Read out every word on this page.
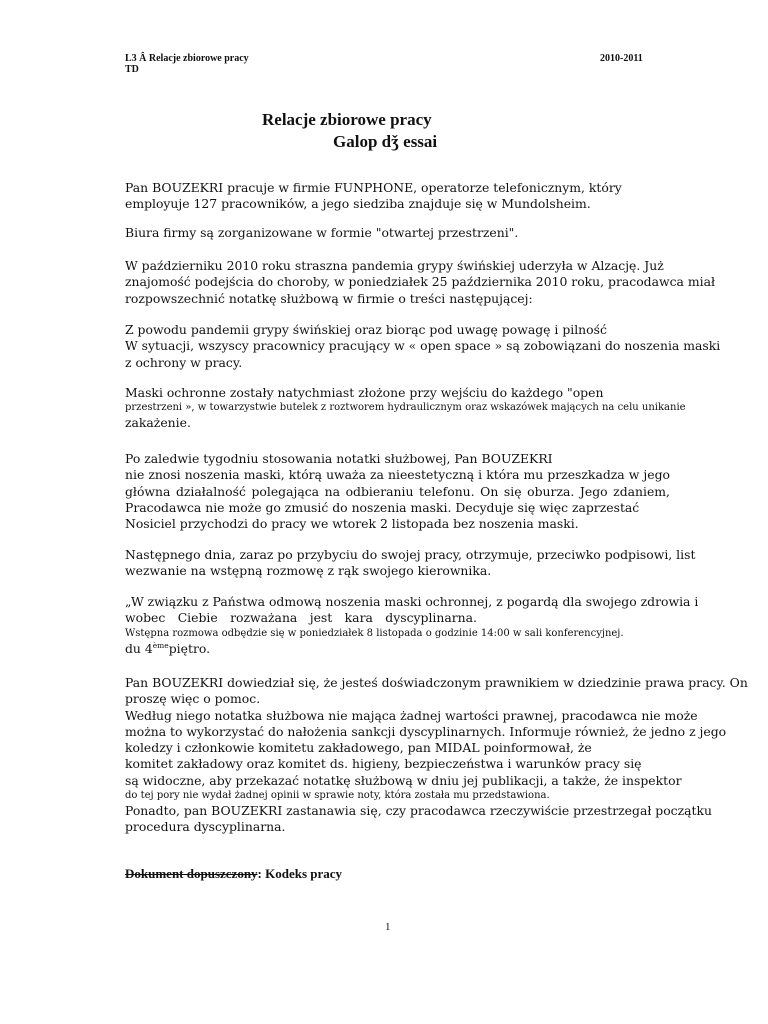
L3 Â Relacje zbiorowe pracy
TD
2010-2011
Relacje zbiorowe pracy
Galop dǯ essai
Pan BOUZEKRI pracuje w firmie FUNPHONE, operatorze telefonicznym, który
employuje 127 pracowników, a jego siedziba znajduje się w Mundolsheim.
Biura firmy są zorganizowane w formie "otwartej przestrzeni".
W październiku 2010 roku straszna pandemia grypy świńskiej uderzyła w Alzację. Już
znajomość podejścia do choroby, w poniedziałek 25 października 2010 roku, pracodawca miał
rozpowszechnić notatkę służbową w firmie o treści następującej:
Z powodu pandemii grypy świńskiej oraz biorąc pod uwagę powagę i pilność
W sytuacji, wszyscy pracownicy pracujący w « open space » są zobowiązani do noszenia maski
z ochrony w pracy.
Maski ochronne zostały natychmiast złożone przy wejściu do każdego "open
przestrzeni », w towarzystwie butelek z roztworem hydraulicznym oraz wskazówek mających na celu unikanie
zakażenie.
Po zaledwie tygodniu stosowania notatki służbowej, Pan BOUZEKRI
nie znosi noszenia maski, którą uważa za nieestetyczną i która mu przeszkadza w jego
główna działalność polegająca na odbieraniu telefonu. On się oburza. Jego zdaniem,
Pracodawca nie może go zmusić do noszenia maski. Decyduje się więc zaprzestać
Nosiciel przychodzi do pracy we wtorek 2 listopada bez noszenia maski.
Następnego dnia, zaraz po przybyciu do swojej pracy, otrzymuje, przeciwko podpisowi, list
wezwanie na wstępną rozmowę z rąk swojego kierownika.
„W związku z Państwa odmową noszenia maski ochronnej, z pogardą dla swojego zdrowia i
wobec Ciebie rozważana jest kara dyscyplinarna.
Wstępna rozmowa odbędzie się w poniedziałek 8 listopada o godzinie 14:00 w sali konferencyjnej.
du 4èmepiętro.
Pan BOUZEKRI dowiedział się, że jesteś doświadczonym prawnikiem w dziedzinie prawa pracy. On
proszę więc o pomoc.
Według niego notatka służbowa nie mająca żadnej wartości prawnej, pracodawca nie może
można to wykorzystać do nałożenia sankcji dyscyplinarnych. Informuje również, że jedno z jego
koledzy i członkowie komitetu zakładowego, pan MIDAL poinformował, że
komitet zakładowy oraz komitet ds. higieny, bezpieczeństwa i warunków pracy się
są widoczne, aby przekazać notatkę służbową w dniu jej publikacji, a także, że inspektor
do tej pory nie wydał żadnej opinii w sprawie noty, która została mu przedstawiona.
Ponadto, pan BOUZEKRI zastanawia się, czy pracodawca rzeczywiście przestrzegał początku
procedura dyscyplinarna.
Dokument dopuszczony: Kodeks pracy
1
